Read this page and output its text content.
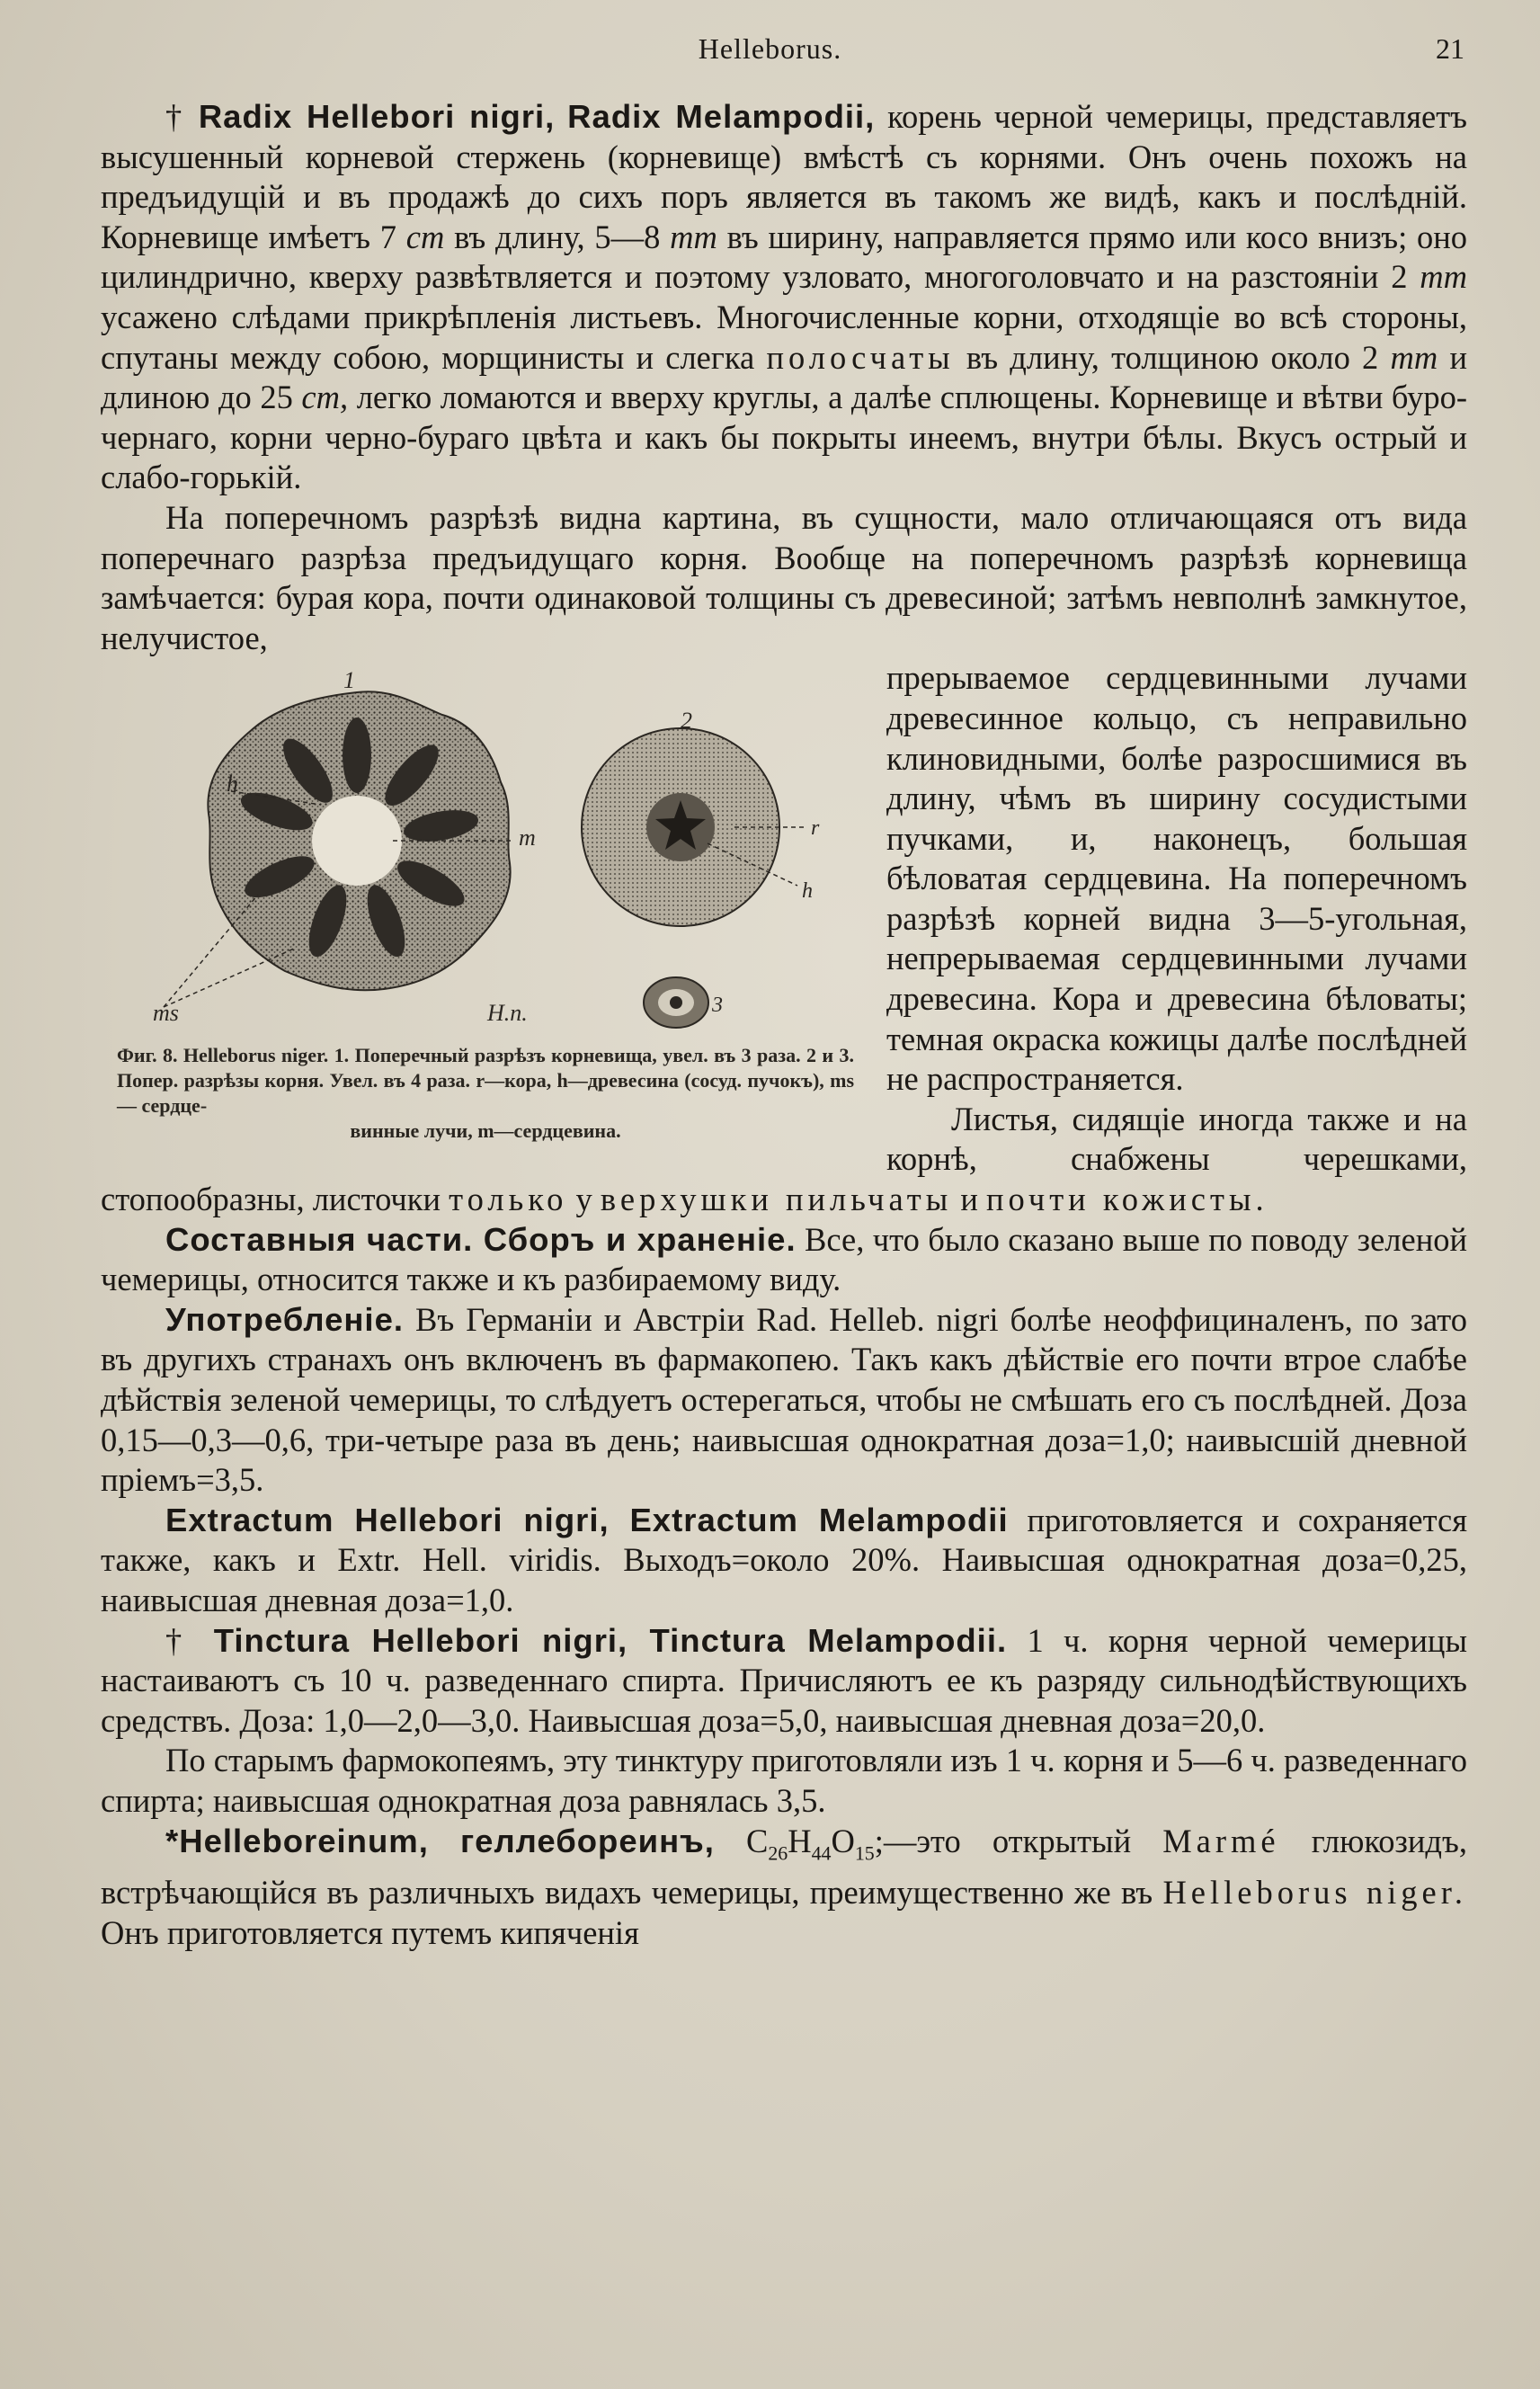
Helleborus.	21

† Radix Hellebori nigri, Radix Melampodii, корень черной чемерицы, представляетъ высушенный корневой стержень (корневище) вмѣстѣ съ корнями. Онъ очень похожъ на предъидущій и въ продажѣ до сихъ поръ является въ такомъ же видѣ, какъ и послѣдній. Корневище имѣетъ 7 cm въ длину, 5—8 mm въ ширину, направляется прямо или косо внизъ; оно цилиндрично, кверху развѣтвляется и поэтому узловато, многоголовчато и на разстояніи 2 mm усажено слѣдами прикрѣпленія листьевъ. Многочисленные корни, отходящіе во всѣ стороны, спутаны между собою, морщинисты и слегка полосчаты въ длину, толщиною около 2 mm и длиною до 25 cm, легко ломаются и вверху круглы, а далѣе сплющены. Корневище и вѣтви буро-чернаго, корни черно-бураго цвѣта и какъ бы покрыты инеемъ, внутри бѣлы. Вкусъ острый и слабо-горькій.

На поперечномъ разрѣзѣ видна картина, въ сущности, мало отличающаяся отъ вида поперечнаго разрѣза предъидущаго корня. Вообще на поперечномъ разрѣзѣ корневища замѣчается: бурая кора, почти одинаковой толщины съ древесиной; затѣмъ невполнѣ замкнутое, нелучистое,
прерываемое сердцевинными лучами древесинное кольцо, съ неправильно клиновидными, болѣе разросшимися въ длину, чѣмъ въ ширину сосудистыми пучками, и, наконецъ, большая бѣловатая сердцевина. На поперечномъ разрѣзѣ корней видна 3—5-угольная, непрерываемая сердцевинными лучами древесина. Кора и древесина бѣловаты; темная окраска кожицы далѣе послѣдней не распространяется.

Листья, сидящіе иногда также и на корнѣ, снабжены черешками, стопообразны, листочки только у верхушки пильчаты и почти кожисты.

Составныя части. Сборъ и храненіе. Все, что было сказано выше по поводу зеленой чемерицы, относится также и къ разбираемому виду.

Употребленіе. Въ Германіи и Австріи Rad. Helleb. nigri болѣе неоффициналенъ, по зато въ другихъ странахъ онъ включенъ въ фармакопею. Такъ какъ дѣйствіе его почти втрое слабѣе дѣйствія зеленой чемерицы, то слѣдуетъ остерегаться, чтобы не смѣшать его съ послѣдней. Доза 0,15—0,3—0,6, три-четыре раза въ день; наивысшая однократная доза=1,0; наивысшій дневной пріемъ=3,5.

Extractum Hellebori nigri, Extractum Melampodii приготовляется и сохраняется также, какъ и Extr. Hell. viridis. Выходъ=около 20%. Наивысшая однократная доза=0,25, наивысшая дневная доза=1,0.

† Tinctura Hellebori nigri, Tinctura Melampodii. 1 ч. корня черной чемерицы настаиваютъ съ 10 ч. разведеннаго спирта. Причисляютъ ее къ разряду сильнодѣйствующихъ средствъ. Доза: 1,0—2,0—3,0. Наивысшая доза=5,0, наивысшая дневная доза=20,0.

По старымъ фармокопеямъ, эту тинктуру приготовляли изъ 1 ч. корня и 5—6 ч. разведеннаго спирта; наивысшая однократная доза равнялась 3,5.

*Helleboreinum, геллебореинъ, $C_{26}H_{44}O_{15};—это$ открытый Marmé глюкозидъ, встрѣчающійся въ различныхъ видахъ чемерицы, преимущественно же въ Helleborus niger. Онъ приготовляется путемъ кипяченія

1
2
3
h
m
ms	H.n.
r
h
Фиг. 8. Helleborus niger. 1. Поперечный разрѣзъ корневища, увел. въ 3 раза. 2 и 3. Попер. разрѣзы корня. Увел. въ 4 раза. r—кора, h—древесина (сосуд. пучокъ), ms — сердце-
винные лучи, m—сердцевина.
